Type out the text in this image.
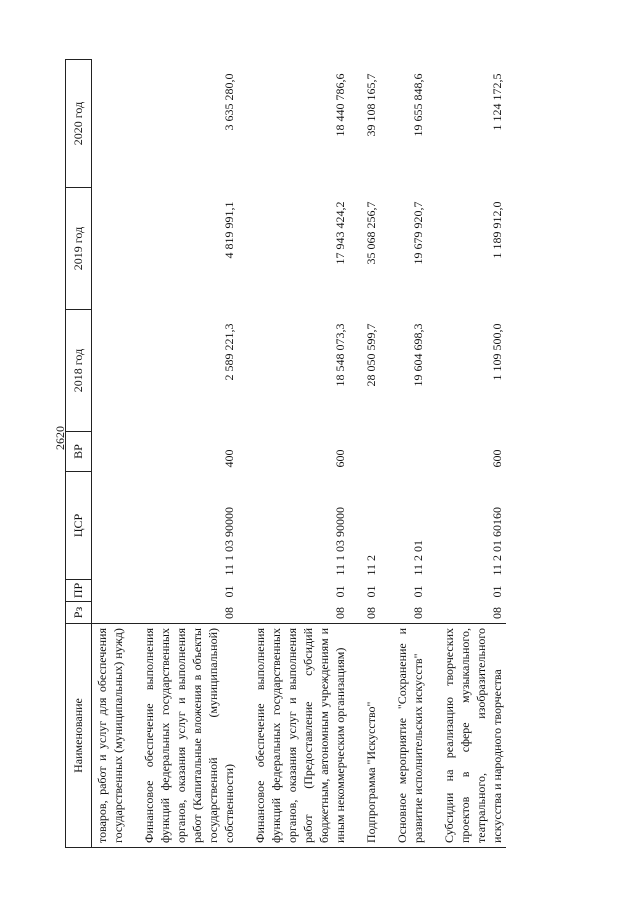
2620
Наименование	Рз	ПР	ЦСР	ВР	2018 год	2019 год	2020 год
товаров, работ и услуг для обеспечения государственных (муниципальных) нужд)							
Финансовое обеспечение выполнения функций федеральных государственных органов, оказания услуг и выполнения работ (Капитальные вложения в объекты государственной (муниципальной) собственности)	08	01	11 1 03 90000	400	2 589 221,3	4 819 991,1	3 635 280,0
Финансовое обеспечение выполнения функций федеральных государственных органов, оказания услуг и выполнения работ (Предоставление субсидий бюджетным, автономным учреждениям и иным некоммерческим организациям)	08	01	11 1 03 90000	600	18 548 073,3	17 943 424,2	18 440 786,6
Подпрограмма "Искусство"	08	01	11 2		28 050 599,7	35 068 256,7	39 108 165,7
Основное мероприятие "Сохранение и развитие исполнительских искусств"	08	01	11 2 01		19 604 698,3	19 679 920,7	19 655 848,6
Субсидии на реализацию творческих проектов в сфере музыкального, театрального, изобразительного искусства и народного творчества	08	01	11 2 01 60160	600	1 109 500,0	1 189 912,0	1 124 172,5
